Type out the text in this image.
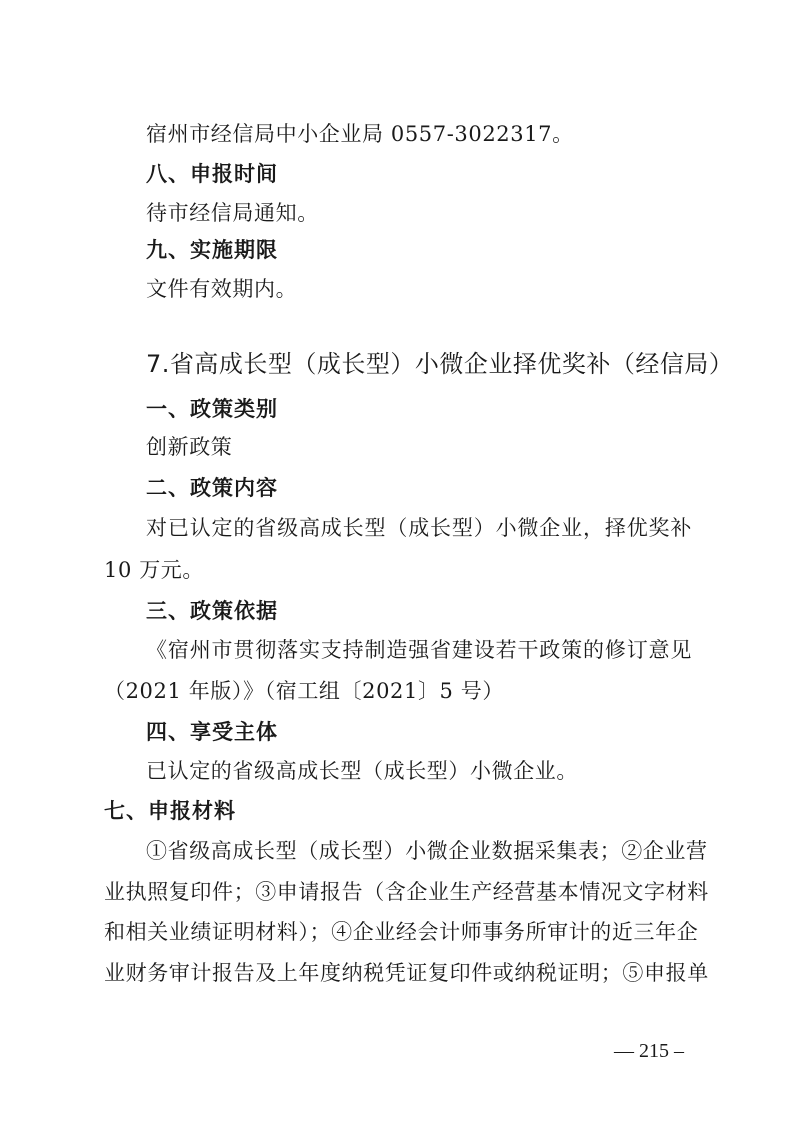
宿州市经信局中小企业局 0557-3022317。
八、申报时间
待市经信局通知。
九、实施期限
文件有效期内。
7.省高成长型（成长型）小微企业择优奖补（经信局）
一、政策类别
创新政策
二、政策内容
对已认定的省级高成长型（成长型）小微企业，择优奖补
10 万元。
三、政策依据
《宿州市贯彻落实支持制造强省建设若干政策的修订意见
（2021 年版）》（宿工组〔2021〕5 号）
四、享受主体
已认定的省级高成长型（成长型）小微企业。
七、申报材料
①省级高成长型（成长型）小微企业数据采集表；②企业营
业执照复印件；③申请报告（含企业生产经营基本情况文字材料
和相关业绩证明材料）；④企业经会计师事务所审计的近三年企
业财务审计报告及上年度纳税凭证复印件或纳税证明；⑤申报单
— 215 –
